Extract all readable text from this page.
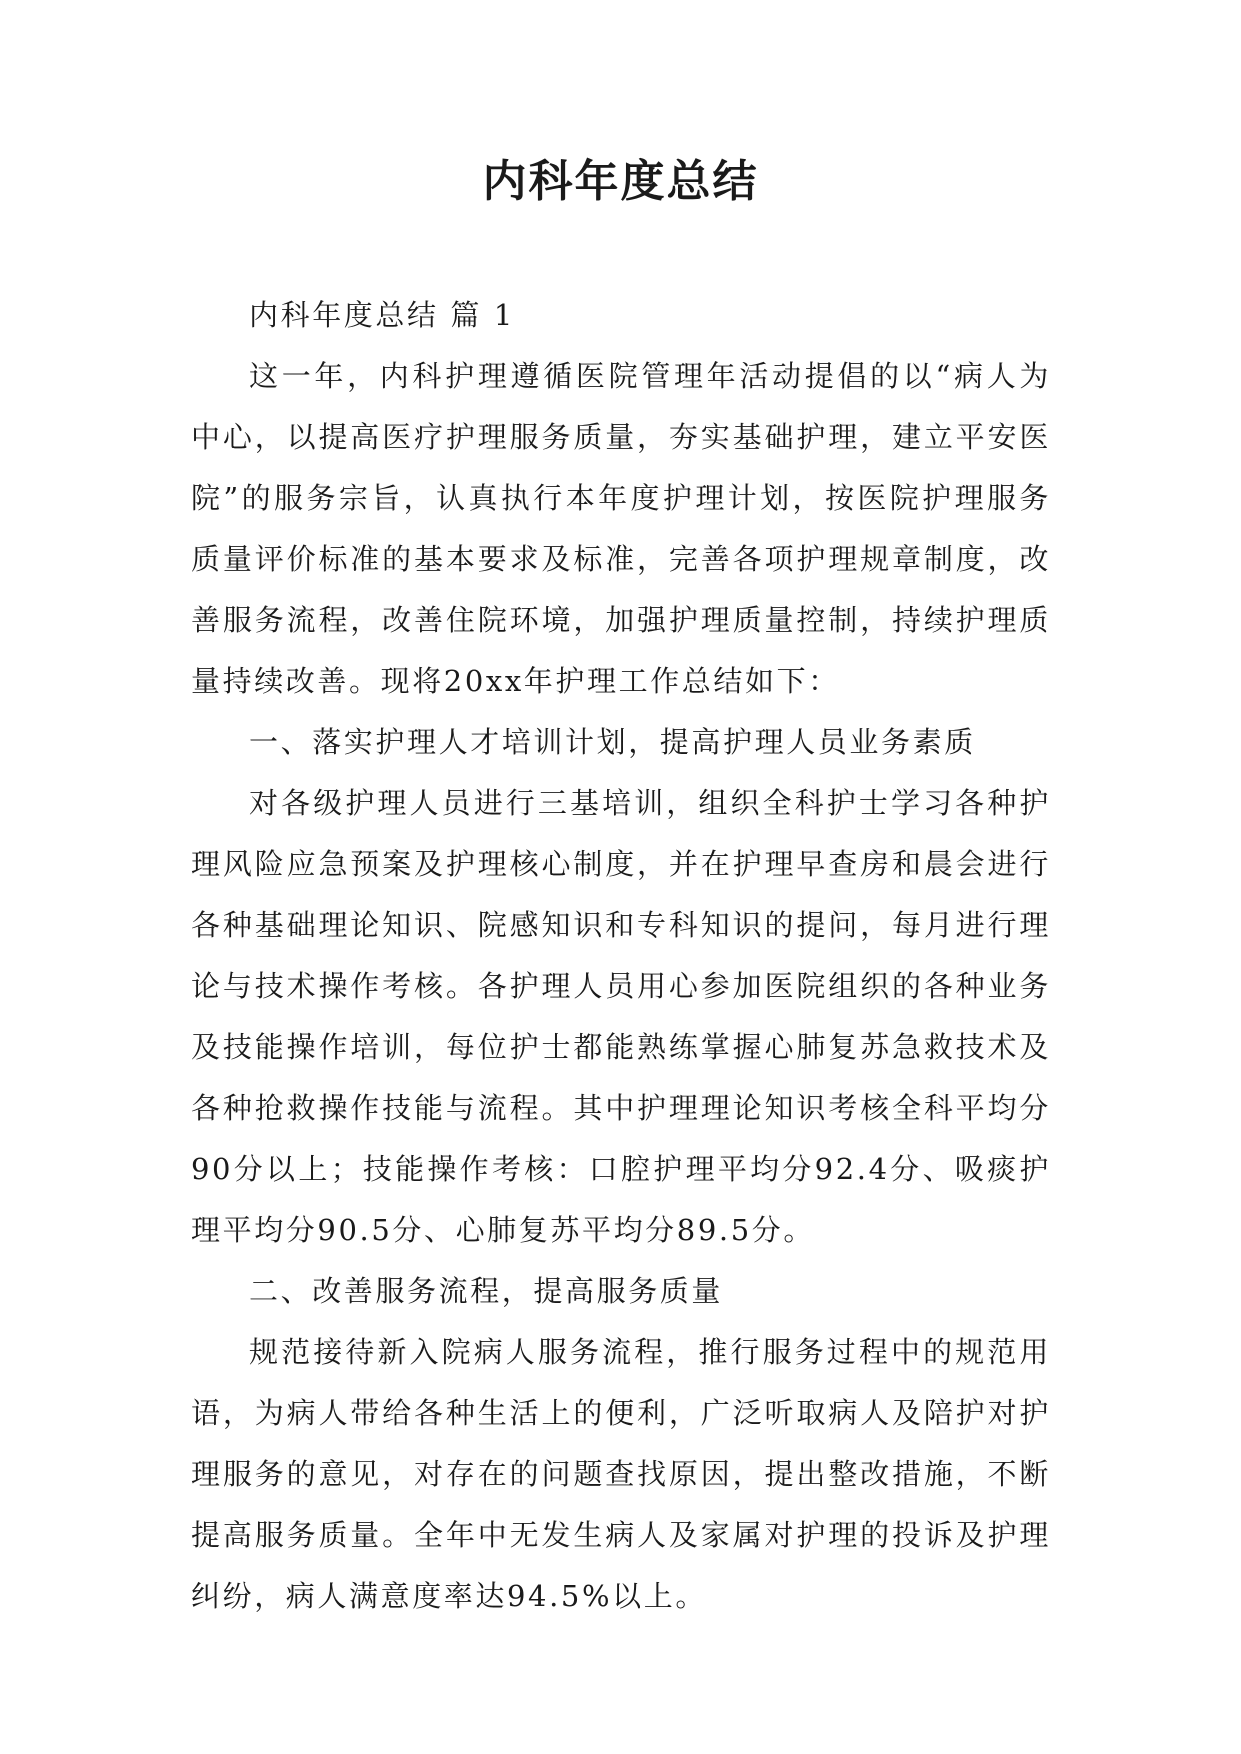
内科年度总结

内科年度总结 篇 1

这一年，内科护理遵循医院管理年活动提倡的以“病人为中心，以提高医疗护理服务质量，夯实基础护理，建立平安医院”的服务宗旨，认真执行本年度护理计划，按医院护理服务质量评价标准的基本要求及标准，完善各项护理规章制度，改善服务流程，改善住院环境，加强护理质量控制，持续护理质量持续改善。现将20xx年护理工作总结如下：

一、落实护理人才培训计划，提高护理人员业务素质

对各级护理人员进行三基培训，组织全科护士学习各种护理风险应急预案及护理核心制度，并在护理早查房和晨会进行各种基础理论知识、院感知识和专科知识的提问，每月进行理论与技术操作考核。各护理人员用心参加医院组织的各种业务及技能操作培训，每位护士都能熟练掌握心肺复苏急救技术及各种抢救操作技能与流程。其中护理理论知识考核全科平均分90分以上；技能操作考核：口腔护理平均分92.4分、吸痰护理平均分90.5分、心肺复苏平均分89.5分。

二、改善服务流程，提高服务质量

规范接待新入院病人服务流程，推行服务过程中的规范用语，为病人带给各种生活上的便利，广泛听取病人及陪护对护理服务的意见，对存在的问题查找原因，提出整改措施，不断提高服务质量。全年中无发生病人及家属对护理的投诉及护理纠纷，病人满意度率达94.5%以上。
